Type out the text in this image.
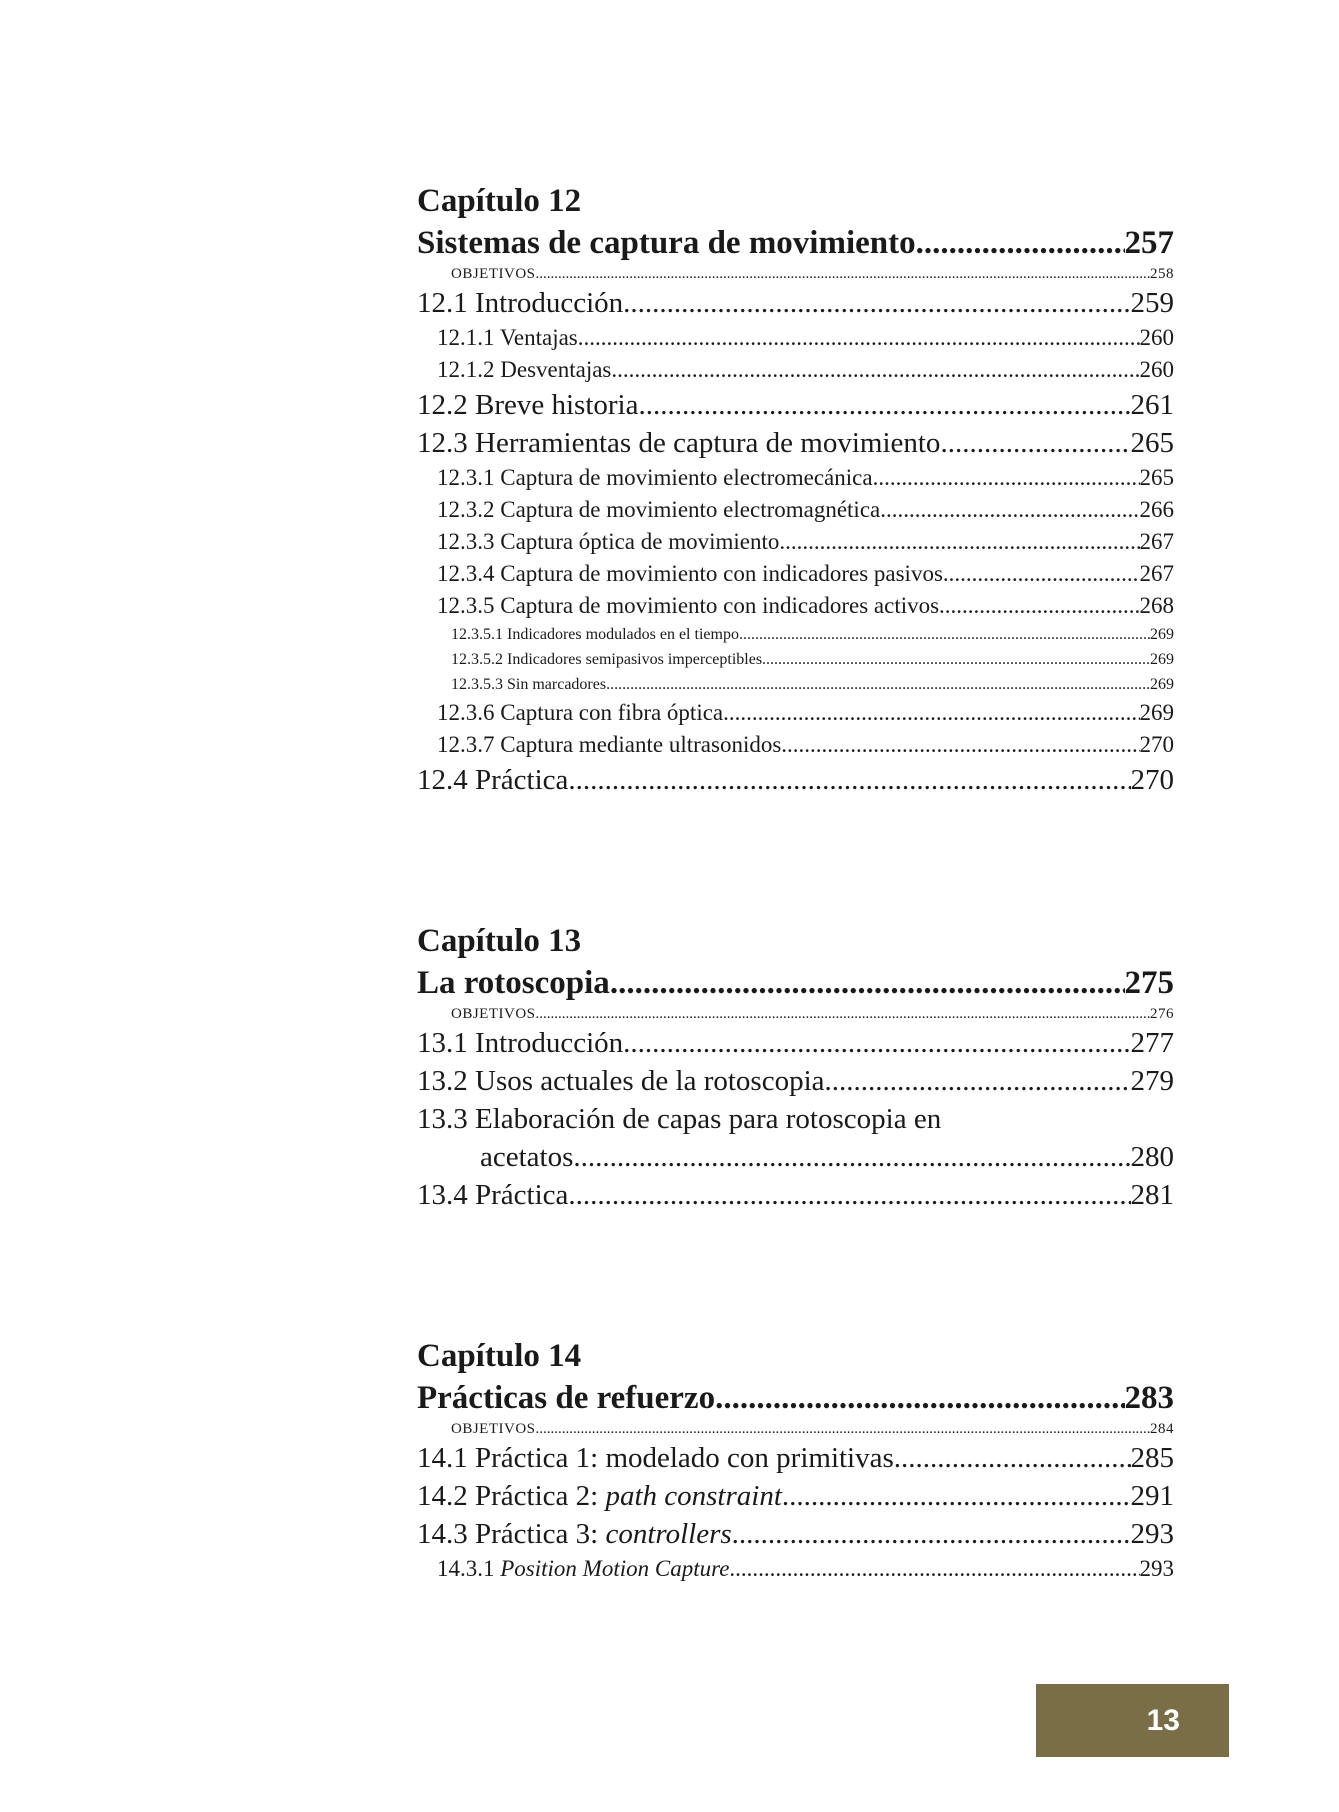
Capítulo 12
Sistemas de captura de movimiento .....	257
OBJETIVOS .....	258
12.1 Introducción .....	259
12.1.1 Ventajas .....	260
12.1.2 Desventajas .....	260
12.2 Breve historia .....	261
12.3 Herramientas de captura de movimiento .....	265
12.3.1 Captura de movimiento electromecánica .....	265
12.3.2 Captura de movimiento electromagnética .....	266
12.3.3 Captura óptica de movimiento .....	267
12.3.4 Captura de movimiento con indicadores pasivos .....	267
12.3.5 Captura de movimiento con indicadores activos .....	268
12.3.5.1 Indicadores modulados en el tiempo .....	269
12.3.5.2 Indicadores semipasivos imperceptibles .....	269
12.3.5.3 Sin marcadores .....	269
12.3.6 Captura con fibra óptica .....	269
12.3.7 Captura mediante ultrasonidos .....	270
12.4 Práctica .....	270
Capítulo 13
La rotoscopia .....	275
OBJETIVOS .....	276
13.1 Introducción .....	277
13.2 Usos actuales de la rotoscopia .....	279
13.3 Elaboración de capas para rotoscopia en
acetatos .....	280
13.4 Práctica .....	281
Capítulo 14
Prácticas de refuerzo .....	283
OBJETIVOS .....	284
14.1 Práctica 1: modelado con primitivas .....	285
14.2 Práctica 2: path constraint .....	291
14.3 Práctica 3: controllers .....	293
14.3.1 Position Motion Capture .....	293
13
